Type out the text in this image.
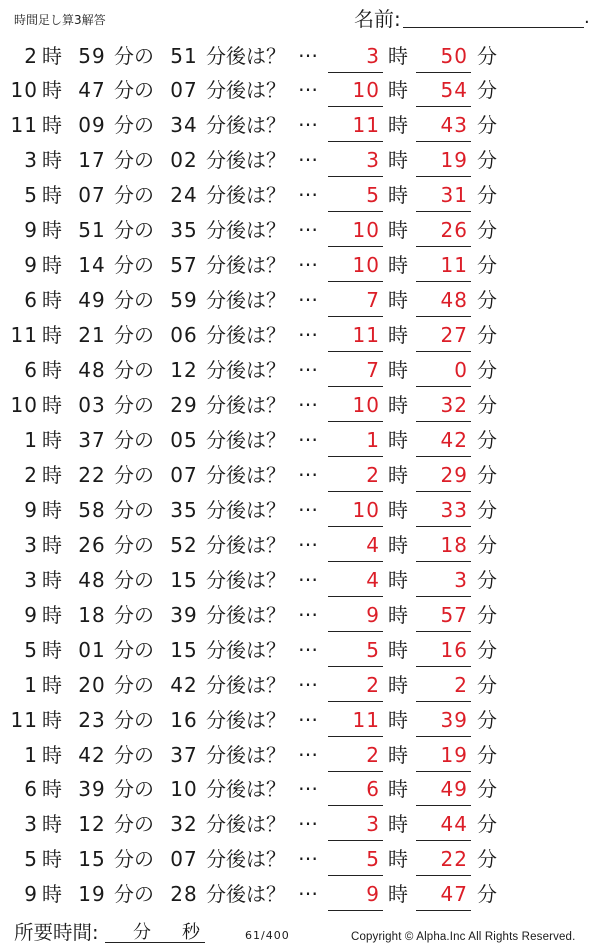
時間足し算3解答	名前:	.
2 時 59 分の 51 分後は？ …	3 時	50 分
10 時 47 分の 07 分後は？ …	10 時	54 分
11 時 09 分の 34 分後は？ …	11 時	43 分
3 時 17 分の 02 分後は？ …	3 時	19 分
5 時 07 分の 24 分後は？ …	5 時	31 分
9 時 51 分の 35 分後は？ …	10 時	26 分
9 時 14 分の 57 分後は？ …	10 時	11 分
6 時 49 分の 59 分後は？ …	7 時	48 分
11 時 21 分の 06 分後は？ …	11 時	27 分
6 時 48 分の 12 分後は？ …	7 時	0 分
10 時 03 分の 29 分後は？ …	10 時	32 分
1 時 37 分の 05 分後は？ …	1 時	42 分
2 時 22 分の 07 分後は？ …	2 時	29 分
9 時 58 分の 35 分後は？ …	10 時	33 分
3 時 26 分の 52 分後は？ …	4 時	18 分
3 時 48 分の 15 分後は？ …	4 時	3 分
9 時 18 分の 39 分後は？ …	9 時	57 分
5 時 01 分の 15 分後は？ …	5 時	16 分
1 時 20 分の 42 分後は？ …	2 時	2 分
11 時 23 分の 16 分後は？ …	11 時	39 分
1 時 42 分の 37 分後は？ …	2 時	19 分
6 時 39 分の 10 分後は？ …	6 時	49 分
3 時 12 分の 32 分後は？ …	3 時	44 分
5 時 15 分の 07 分後は？ …	5 時	22 分
9 時 19 分の 28 分後は？ …	9 時	47 分
所要時間: 分 秒	61/400	Copyright © Alpha.Inc All Rights Reserved.
